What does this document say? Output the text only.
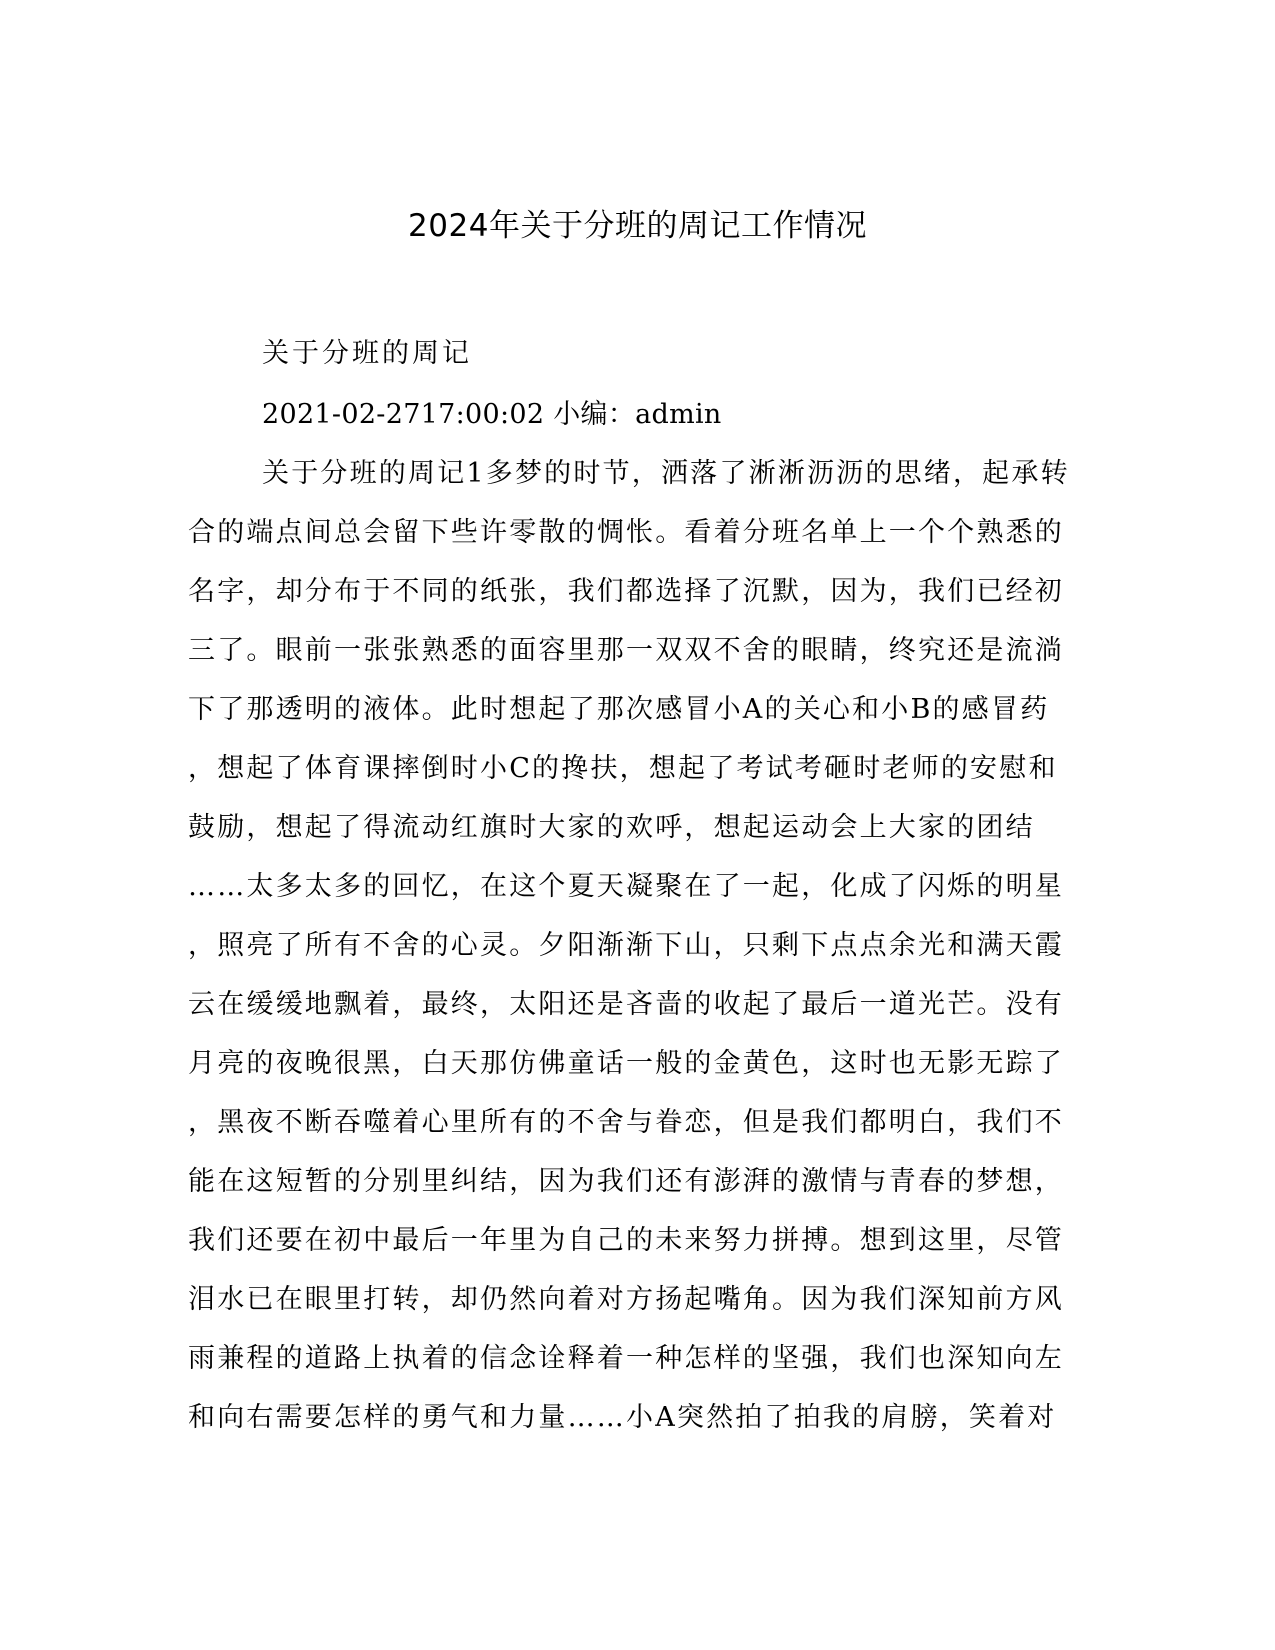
2024年关于分班的周记工作情况
关于分班的周记
2021-02-2717:00:02 小编：admin
关于分班的周记1多梦的时节，洒落了淅淅沥沥的思绪，起承转
合的端点间总会留下些许零散的惆怅。看着分班名单上一个个熟悉的
名字，却分布于不同的纸张，我们都选择了沉默，因为，我们已经初
三了。眼前一张张熟悉的面容里那一双双不舍的眼睛，终究还是流淌
下了那透明的液体。此时想起了那次感冒小A的关心和小B的感冒药
，想起了体育课摔倒时小C的搀扶，想起了考试考砸时老师的安慰和
鼓励，想起了得流动红旗时大家的欢呼，想起运动会上大家的团结
……太多太多的回忆，在这个夏天凝聚在了一起，化成了闪烁的明星
，照亮了所有不舍的心灵。夕阳渐渐下山，只剩下点点余光和满天霞
云在缓缓地飘着，最终，太阳还是吝啬的收起了最后一道光芒。没有
月亮的夜晚很黑，白天那仿佛童话一般的金黄色，这时也无影无踪了
，黑夜不断吞噬着心里所有的不舍与眷恋，但是我们都明白，我们不
能在这短暂的分别里纠结，因为我们还有澎湃的激情与青春的梦想，
我们还要在初中最后一年里为自己的未来努力拼搏。想到这里，尽管
泪水已在眼里打转，却仍然向着对方扬起嘴角。因为我们深知前方风
雨兼程的道路上执着的信念诠释着一种怎样的坚强，我们也深知向左
和向右需要怎样的勇气和力量……小A突然拍了拍我的肩膀，笑着对
